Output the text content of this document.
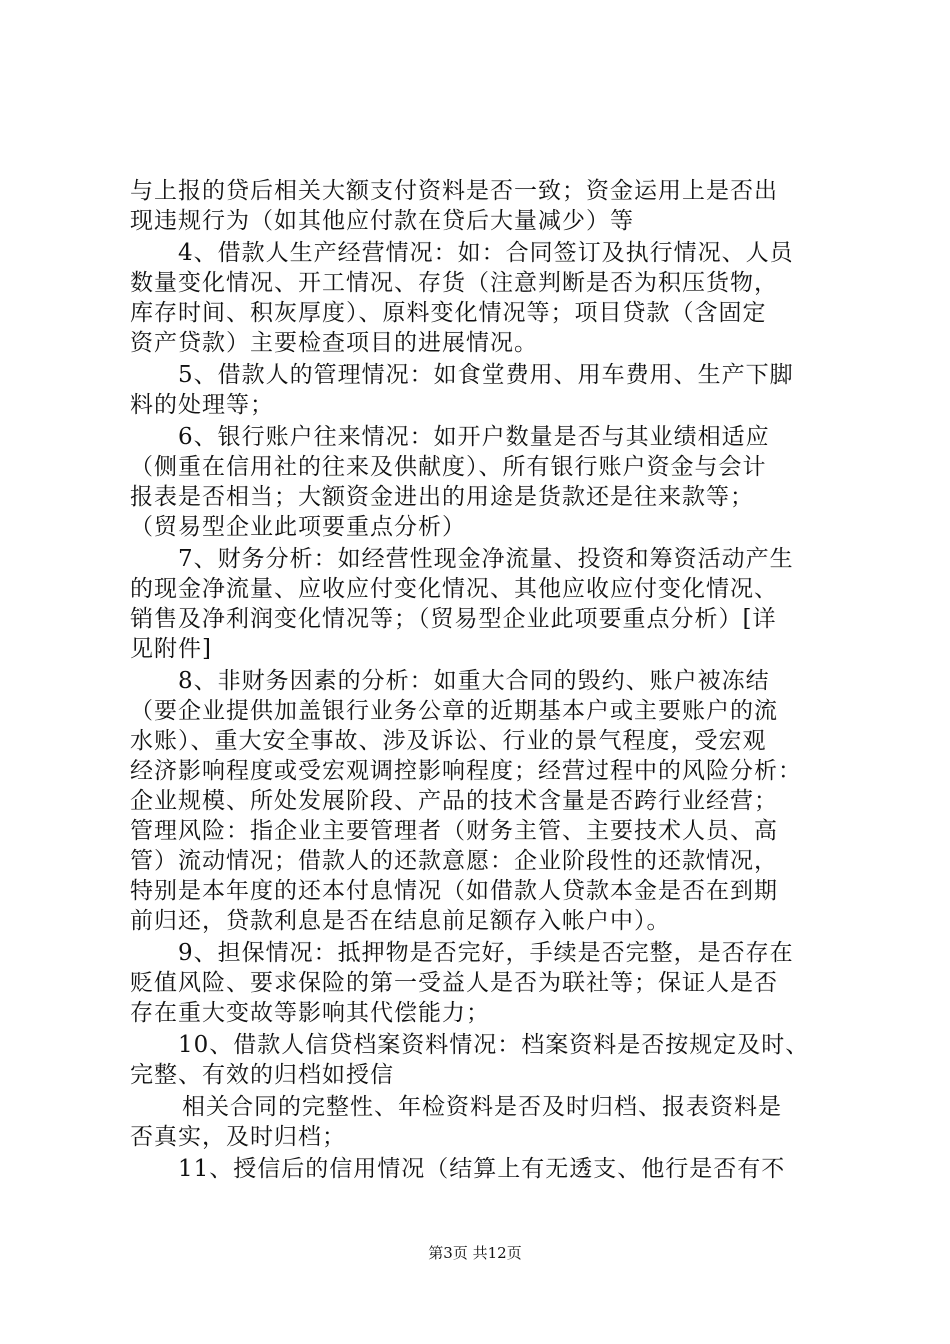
与上报的贷后相关大额支付资料是否一致；资金运用上是否出
现违规行为（如其他应付款在贷后大量减少）等
4、借款人生产经营情况：如：合同签订及执行情况、人员
数量变化情况、开工情况、存货（注意判断是否为积压货物，
库存时间、积灰厚度）、原料变化情况等；项目贷款（含固定
资产贷款）主要检查项目的进展情况。
5、借款人的管理情况：如食堂费用、用车费用、生产下脚
料的处理等；
6、银行账户往来情况：如开户数量是否与其业绩相适应
（侧重在信用社的往来及供献度）、所有银行账户资金与会计
报表是否相当；大额资金进出的用途是货款还是往来款等；
（贸易型企业此项要重点分析）
7、财务分析：如经营性现金净流量、投资和筹资活动产生
的现金净流量、应收应付变化情况、其他应收应付变化情况、
销售及净利润变化情况等；（贸易型企业此项要重点分析）[详
见附件]
8、非财务因素的分析：如重大合同的毁约、账户被冻结
（要企业提供加盖银行业务公章的近期基本户或主要账户的流
水账）、重大安全事故、涉及诉讼、行业的景气程度，受宏观
经济影响程度或受宏观调控影响程度；经营过程中的风险分析：
企业规模、所处发展阶段、产品的技术含量是否跨行业经营；
管理风险：指企业主要管理者（财务主管、主要技术人员、高
管）流动情况；借款人的还款意愿：企业阶段性的还款情况，
特别是本年度的还本付息情况（如借款人贷款本金是否在到期
前归还，贷款利息是否在结息前足额存入帐户中）。
9、担保情况：抵押物是否完好，手续是否完整，是否存在
贬值风险、要求保险的第一受益人是否为联社等；保证人是否
存在重大变故等影响其代偿能力；
10、借款人信贷档案资料情况：档案资料是否按规定及时、
完整、有效的归档如授信
相关合同的完整性、年检资料是否及时归档、报表资料是
否真实，及时归档；
11、授信后的信用情况（结算上有无透支、他行是否有不
第3页 共12页
